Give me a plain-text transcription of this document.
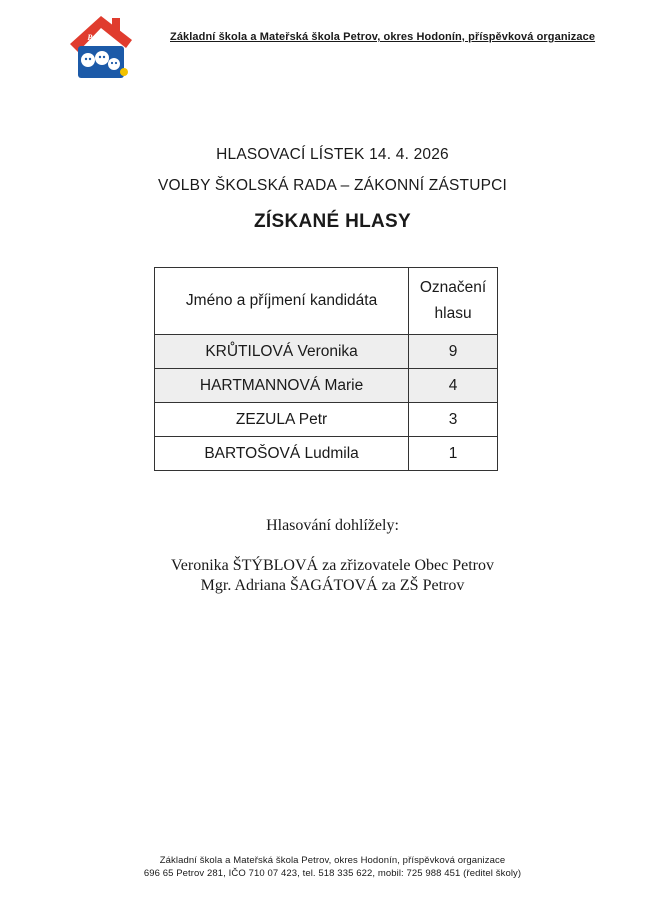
Petrov	Základní škola a Mateřská škola Petrov, okres Hodonín, příspěvková organizace
HLASOVACÍ LÍSTEK 14. 4. 2026
VOLBY ŠKOLSKÁ RADA – ZÁKONNÍ ZÁSTUPCI
ZÍSKANÉ HLASY
Jméno a příjmení kandidáta	Označení
hlasu

KRŮTILOVÁ Veronika	9
HARTMANNOVÁ Marie	4
ZEZULA Petr	3
BARTOŠOVÁ Ludmila	1
Hlasování dohlížely:
Veronika ŠTÝBLOVÁ za zřizovatele Obec Petrov
Mgr. Adriana ŠAGÁTOVÁ za ZŠ Petrov
Základní škola a Mateřská škola Petrov, okres Hodonín, příspěvková organizace
696 65 Petrov 281, IČO 710 07 423, tel. 518 335 622, mobil: 725 988 451 (ředitel školy)
